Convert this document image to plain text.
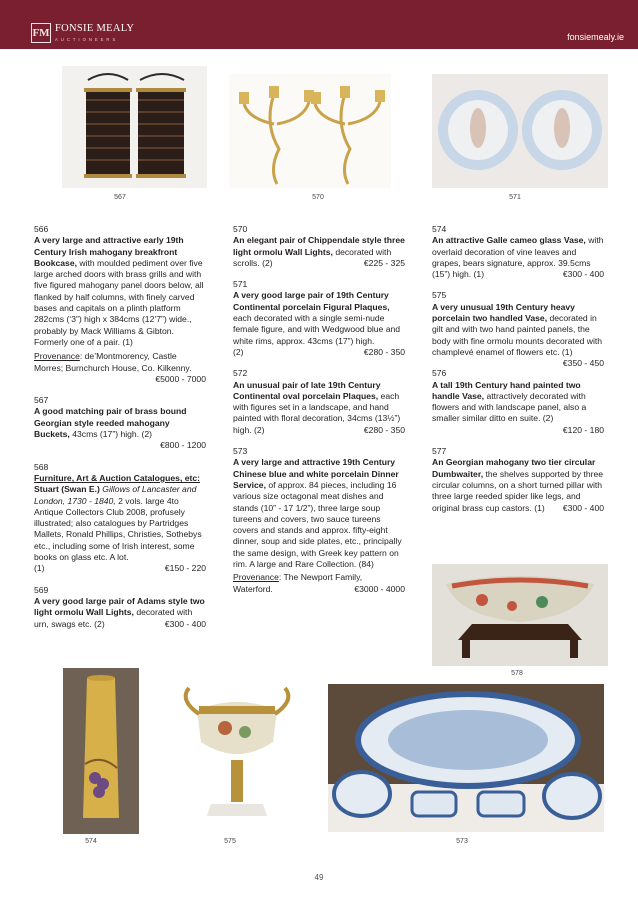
FM FONSIE MEALY
AUCTIONEERS	fonsiemealy.ie
567	570	571
566
A very large and attractive early 19th Century Irish mahogany breakfront Bookcase, with moulded pediment over five large arched doors with brass grills and with five figured mahogany panel doors below, all flanked by half columns, with finely carved bases and capitals on a plinth platform 282cms (‘3”) high x 384cms (12’7”) wide., probably by Mack Williams & Gibton. Formerly one of a pair. (1)
Provenance: de’Montmorency, Castle Morres; Burnchurch House, Co. Kilkenny.
€5000 - 7000
567
A good matching pair of brass bound Georgian style reeded mahogany Buckets, 43cms (17”) high. (2)
€800 - 1200
568
Furniture, Art & Auction Catalogues, etc: Stuart (Swan E.) Gillows of Lancaster and London, 1730 - 1840, 2 vols. large 4to Antique Collectors Club 2008, profusely illustrated; also catalogues by Partridges Mallets, Ronald Phillips, Christies, Sothebys etc., including some of Irish interest, some books on glass etc. A lot.
(1)	€150 - 220
569
A very good large pair of Adams style two light ormolu Wall Lights, decorated with urn, swags etc. (2)	€300 - 400
570
An elegant pair of Chippendale style three light ormolu Wall Lights, decorated with scrolls. (2)	€225 - 325
571
A very good large pair of 19th Century Continental porcelain Figural Plaques, each decorated with a single semi-nude female figure, and with Wedgwood blue and white rims, approx. 43cms (17”) high.
(2)	€280 - 350
572
An unusual pair of late 19th Century Continental oval porcelain Plaques, each with figures set in a landscape, and hand painted with floral decoration, 34cms (13½”) high. (2)	€280 - 350
573
A very large and attractive 19th Century Chinese blue and white porcelain Dinner Service, of approx. 84 pieces, including 16 various size octagonal meat dishes and stands (10” - 17 1/2”), three large soup tureens and covers, two sauce tureens covers and stands and approx. fifty-eight dinner, soup and side plates, etc., principally the same design, with Greek key pattern on rim. A large and Rare Collection. (84)
Provenance: The Newport Family,
Waterford.	€3000 - 4000
574
An attractive Galle cameo glass Vase, with overlaid decoration of vine leaves and grapes, bears signature, approx. 39.5cms (15”) high. (1)	€300 - 400
575
A very unusual 19th Century heavy porcelain two handled Vase, decorated in gilt and with two hand painted panels, the body with fine ormolu mounts decorated with champlevé enamel of flowers etc. (1)
€350 - 450
576
A tall 19th Century hand painted two handle Vase, attractively decorated with flowers and with landscape panel, also a smaller similar ditto en suite. (2)
€120 - 180
577
An Georgian mahogany two tier circular Dumbwaiter, the shelves supported by three circular columns, on a short turned pillar with three large reeded spider like legs, and original brass cup castors. (1) €300 - 400
578
574	575	573
49
